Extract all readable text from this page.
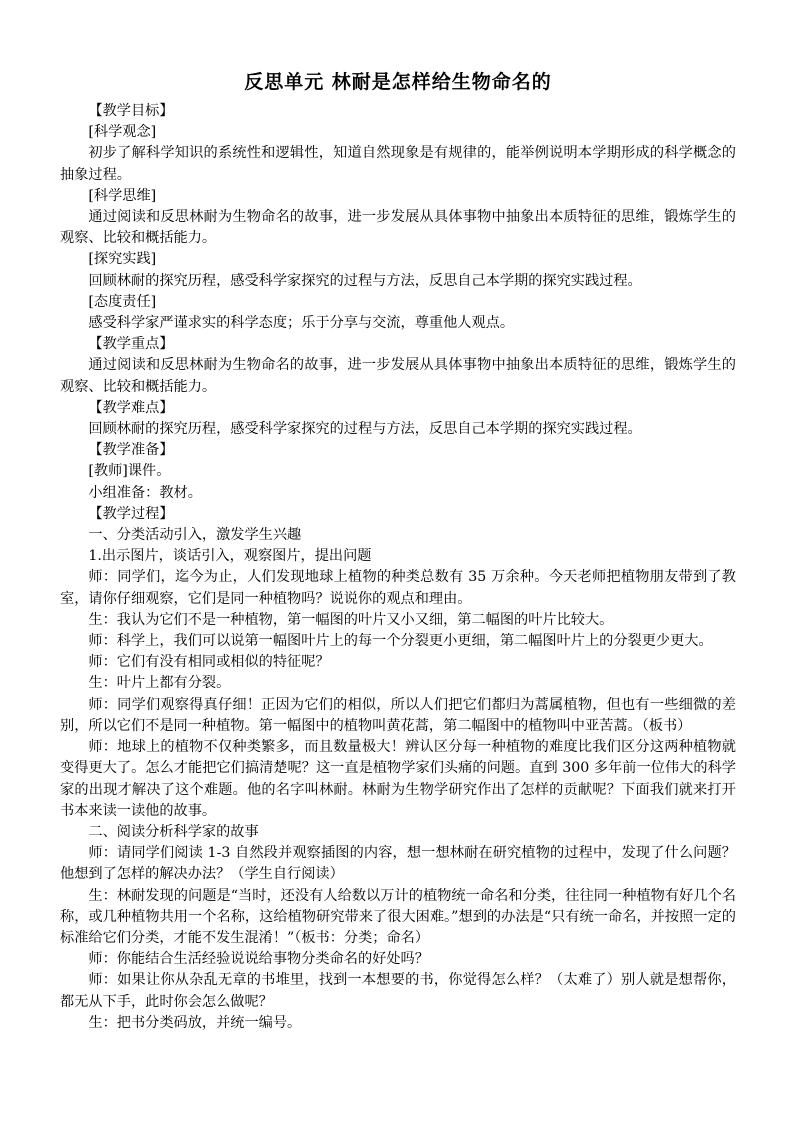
反思单元 林耐是怎样给生物命名的

【教学目标】

[科学观念]

初步了解科学知识的系统性和逻辑性，知道自然现象是有规律的，能举例说明本学期形成的科学概念的抽象过程。

[科学思维]

通过阅读和反思林耐为生物命名的故事，进一步发展从具体事物中抽象出本质特征的思维，锻炼学生的观察、比较和概括能力。

[探究实践]

回顾林耐的探究历程，感受科学家探究的过程与方法，反思自己本学期的探究实践过程。

[态度责任]

感受科学家严谨求实的科学态度；乐于分享与交流，尊重他人观点。

【教学重点】

通过阅读和反思林耐为生物命名的故事，进一步发展从具体事物中抽象出本质特征的思维，锻炼学生的观察、比较和概括能力。

【教学难点】

回顾林耐的探究历程，感受科学家探究的过程与方法，反思自己本学期的探究实践过程。

【教学准备】

[教师]课件。

小组准备：教材。

【教学过程】

一、分类活动引入，激发学生兴趣

1.出示图片，谈话引入，观察图片，提出问题

师：同学们，迄今为止，人们发现地球上植物的种类总数有 35 万余种。今天老师把植物朋友带到了教室，请你仔细观察，它们是同一种植物吗？说说你的观点和理由。

生：我认为它们不是一种植物，第一幅图的叶片又小又细，第二幅图的叶片比较大。

师：科学上，我们可以说第一幅图叶片上的每一个分裂更小更细，第二幅图叶片上的分裂更少更大。

师：它们有没有相同或相似的特征呢？

生：叶片上都有分裂。

师：同学们观察得真仔细！正因为它们的相似，所以人们把它们都归为蒿属植物，但也有一些细微的差别，所以它们不是同一种植物。第一幅图中的植物叫黄花蒿，第二幅图中的植物叫中亚苦蒿。（板书）

师：地球上的植物不仅种类繁多，而且数量极大！辨认区分每一种植物的难度比我们区分这两种植物就变得更大了。怎么才能把它们搞清楚呢？这一直是植物学家们头痛的问题。直到 300 多年前一位伟大的科学家的出现才解决了这个难题。他的名字叫林耐。林耐为生物学研究作出了怎样的贡献呢？下面我们就来打开书本来读一读他的故事。

二、阅读分析科学家的故事

师：请同学们阅读 1-3 自然段并观察插图的内容，想一想林耐在研究植物的过程中，发现了什么问题？他想到了怎样的解决办法？（学生自行阅读）

生：林耐发现的问题是“当时，还没有人给数以万计的植物统一命名和分类，往往同一种植物有好几个名称，或几种植物共用一个名称，这给植物研究带来了很大困难。”想到的办法是“只有统一命名，并按照一定的标准给它们分类，才能不发生混淆！”（板书：分类；命名）

师：你能结合生活经验说说给事物分类命名的好处吗？

师：如果让你从杂乱无章的书堆里，找到一本想要的书，你觉得怎么样？（太难了）别人就是想帮你，都无从下手，此时你会怎么做呢？

生：把书分类码放，并统一编号。
